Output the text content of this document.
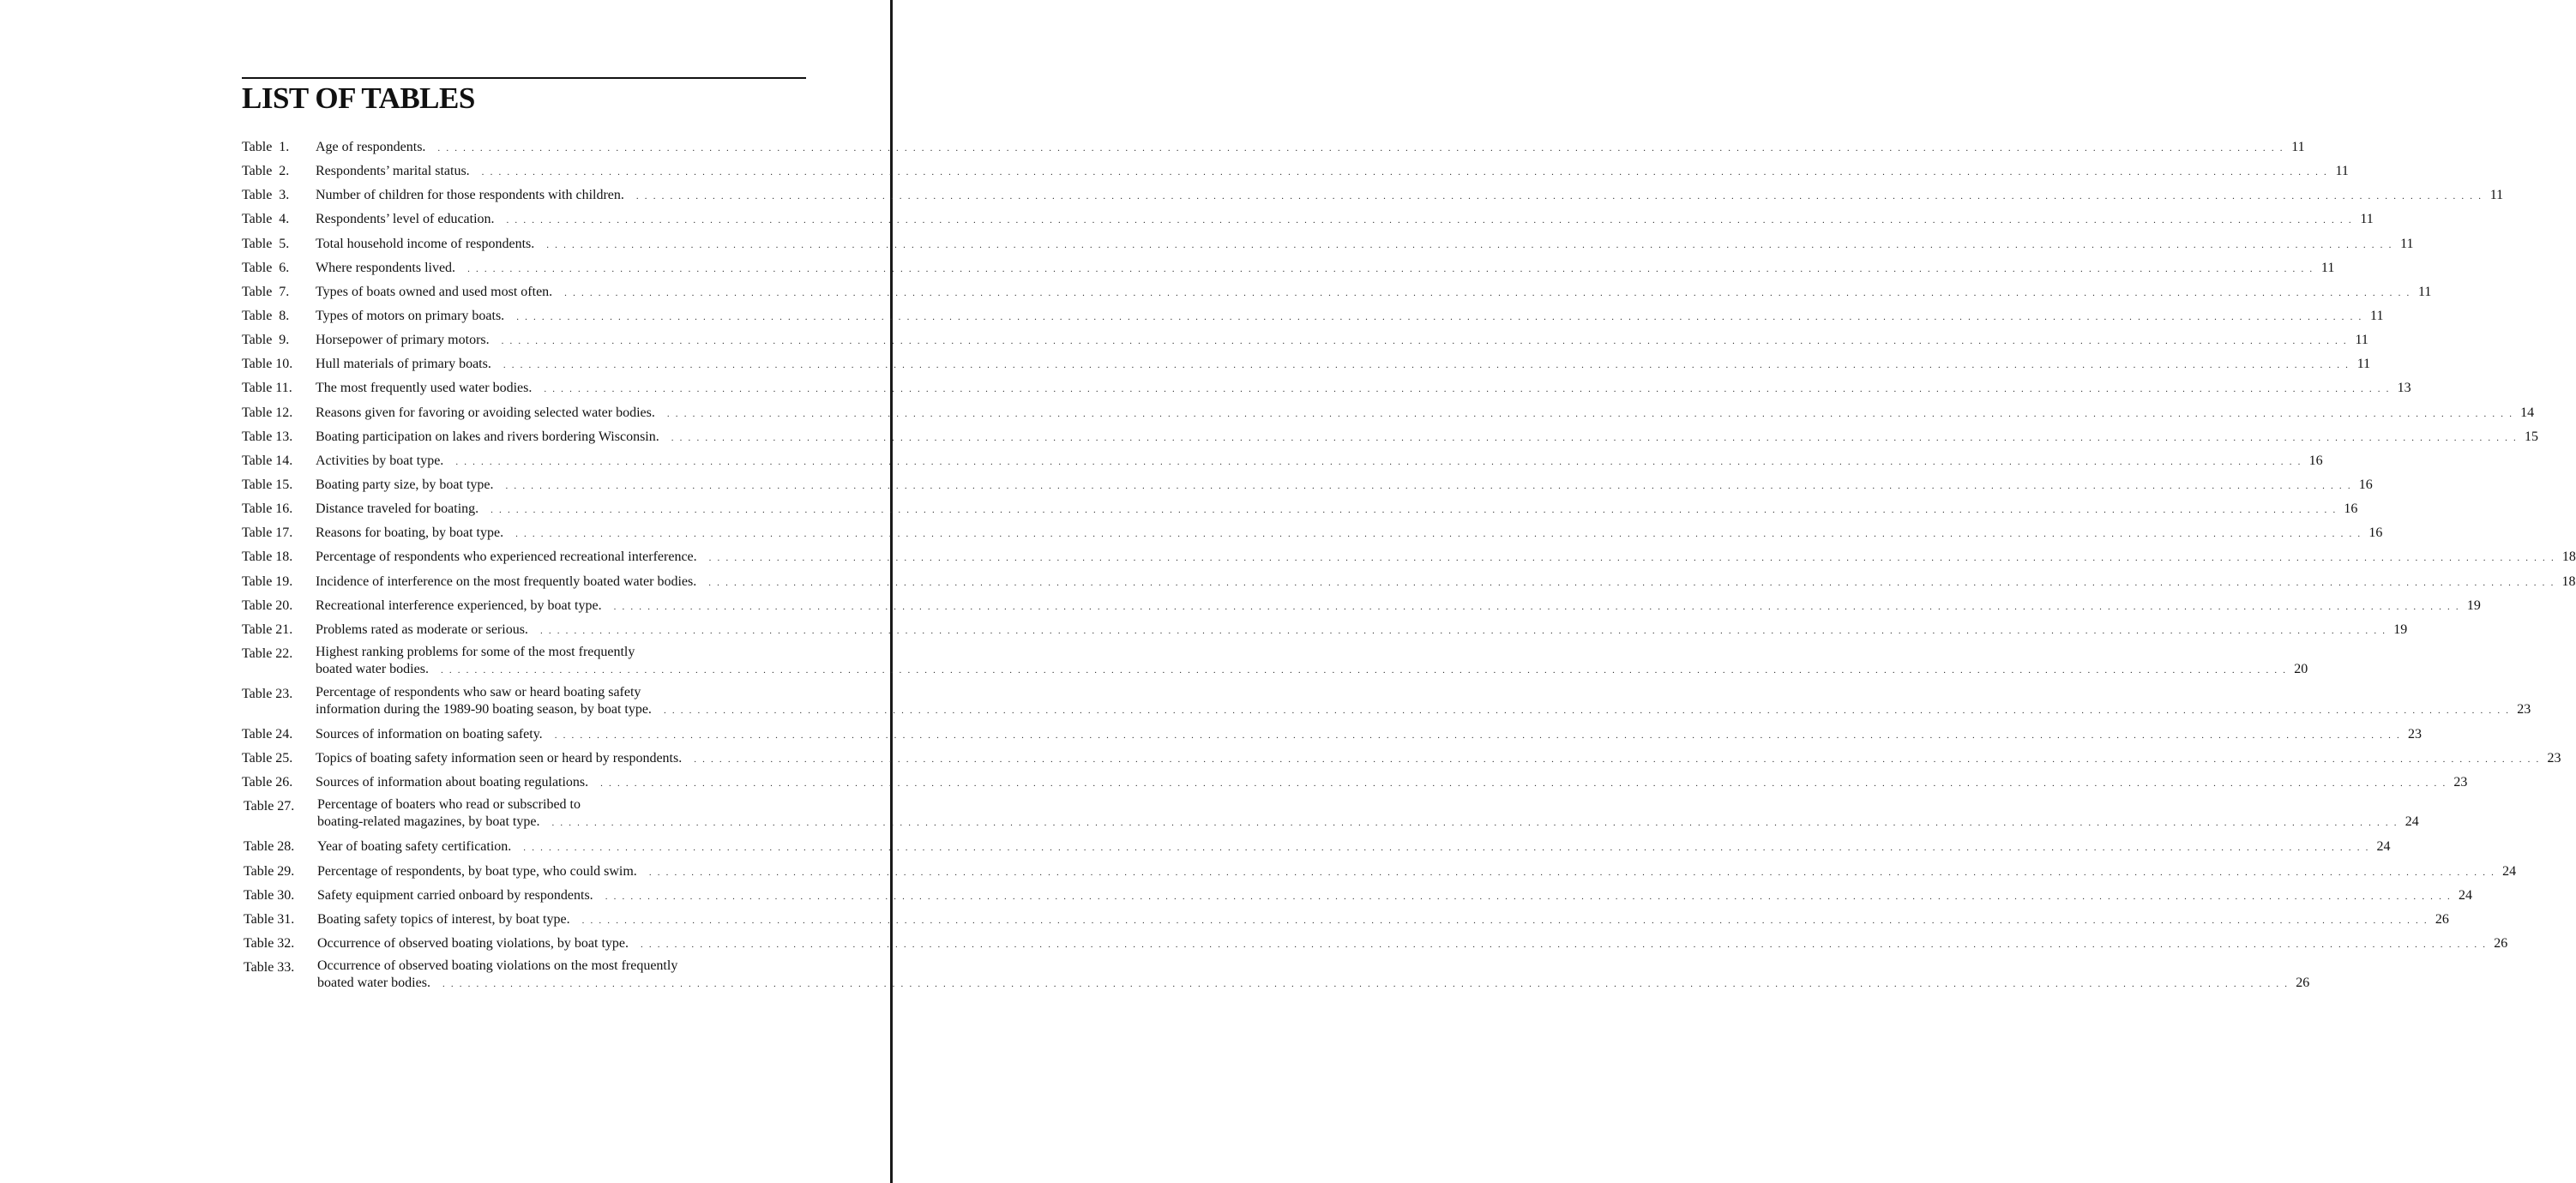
LIST OF TABLES
Table  1.	Age of respondents. . . .	11
Table  2.	Respondents’ marital status. . . .	11
Table  3.	Number of children for those respondents with children. . . .	11
Table  4.	Respondents’ level of education. . . .	11
Table  5.	Total household income of respondents. . . .	11
Table  6.	Where respondents lived. . . .	11
Table  7.	Types of boats owned and used most often. . . .	11
Table  8.	Types of motors on primary boats. . . .	11
Table  9.	Horsepower of primary motors. . . .	11
Table 10.	Hull materials of primary boats. . . .	11
Table 11.	The most frequently used water bodies. . . .	13
Table 12.	Reasons given for favoring or avoiding selected water bodies. . . .	14
Table 13.	Boating participation on lakes and rivers bordering Wisconsin. . . .	15
Table 14.	Activities by boat type. . . .	16
Table 15.	Boating party size, by boat type. . . .	16
Table 16.	Distance traveled for boating. . . .	16
Table 17.	Reasons for boating, by boat type. . . .	16
Table 18.	Percentage of respondents who experienced recreational interference. . . .	18
Table 19.	Incidence of interference on the most frequently boated water bodies. . . .	18
Table 20.	Recreational interference experienced, by boat type. . . .	19
Table 21.	Problems rated as moderate or serious. . . .	19
Table 22.	Highest ranking problems for some of the most frequently
boated water bodies. . . .	20
Table 23.	Percentage of respondents who saw or heard boating safety
information during the 1989-90 boating season, by boat type. . . .	23
Table 24.	Sources of information on boating safety. . . .	23
Table 25.	Topics of boating safety information seen or heard by respondents. . . .	23
Table 26.	Sources of information about boating regulations. . . .	23
Table 27.	Percentage of boaters who read or subscribed to
boating-related magazines, by boat type. . . .	24
Table 28.	Year of boating safety certification. . . .	24
Table 29.	Percentage of respondents, by boat type, who could swim. . . .	24
Table 30.	Safety equipment carried onboard by respondents. . . .	24
Table 31.	Boating safety topics of interest, by boat type. . . .	26
Table 32.	Occurrence of observed boating violations, by boat type. . . .	26
Table 33.	Occurrence of observed boating violations on the most frequently
boated water bodies. . . .	26
